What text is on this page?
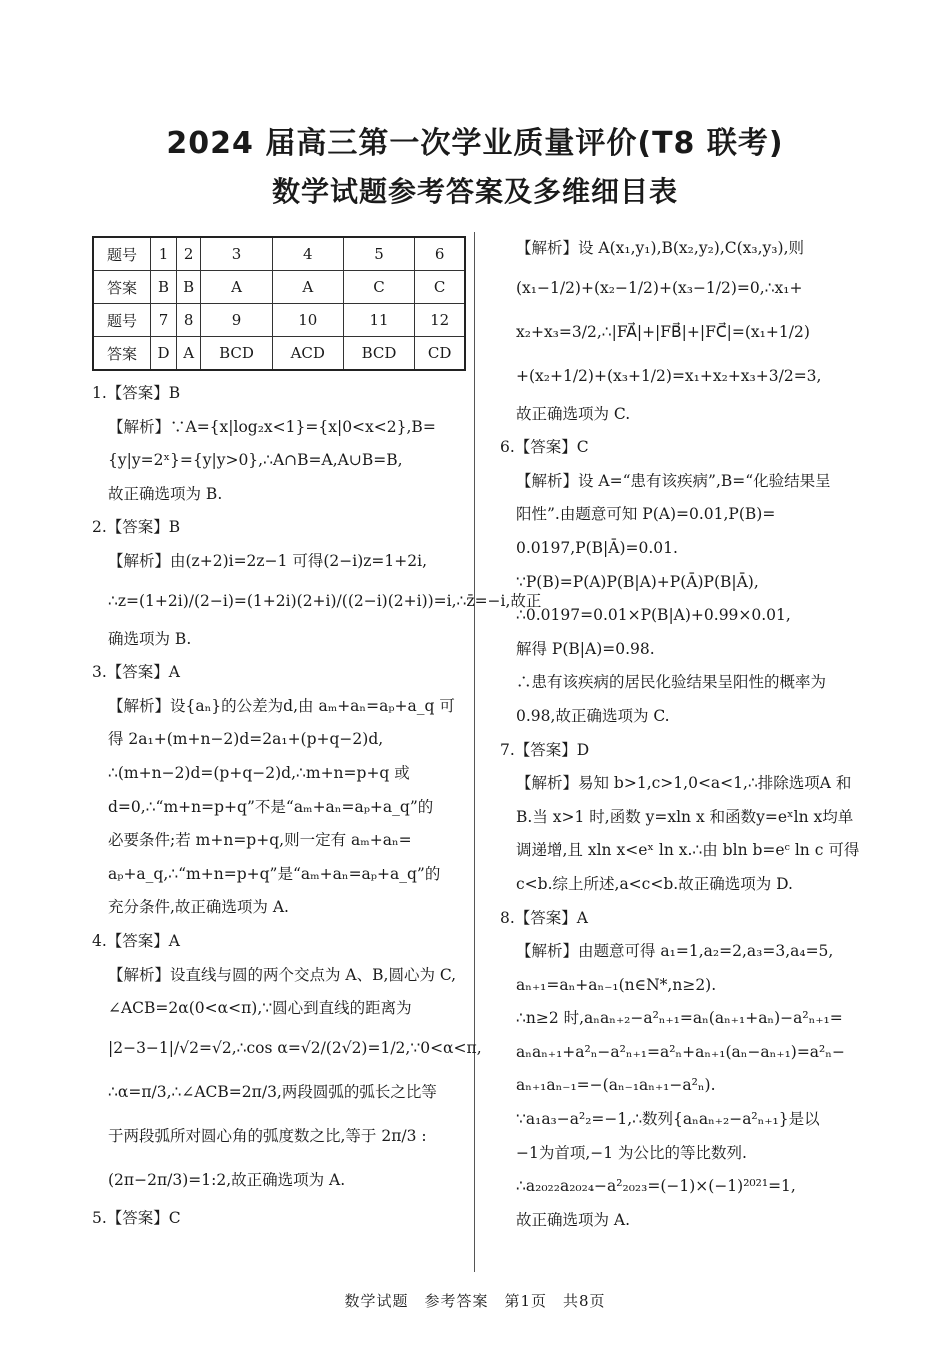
2024 届高三第一次学业质量评价(T8 联考)
数学试题参考答案及多维细目表
题号	1	2	3	4	5	6
答案	B	B	A	A	C	C
题号	7	8	9	10	11	12
答案	D	A	BCD	ACD	BCD	CD
1.【答案】B
【解析】∵A={x|log₂x<1}={x|0<x<2},B=
{y|y=2ˣ}={y|y>0},∴A∩B=A,A∪B=B,
故正确选项为 B.
2.【答案】B
【解析】由(z+2)i=2z−1 可得(2−i)z=1+2i,
∴z=(1+2i)/(2−i)=(1+2i)(2+i)/((2−i)(2+i))=i,∴z̄=−i,故正
确选项为 B.
3.【答案】A
【解析】设{aₙ}的公差为d,由 aₘ+aₙ=aₚ+a_q 可
得 2a₁+(m+n−2)d=2a₁+(p+q−2)d,
∴(m+n−2)d=(p+q−2)d,∴m+n=p+q 或
d=0,∴“m+n=p+q”不是“aₘ+aₙ=aₚ+a_q”的
必要条件;若 m+n=p+q,则一定有 aₘ+aₙ=
aₚ+a_q,∴“m+n=p+q”是“aₘ+aₙ=aₚ+a_q”的
充分条件,故正确选项为 A.
4.【答案】A
【解析】设直线与圆的两个交点为 A、B,圆心为 C,
∠ACB=2α(0<α<π),∵圆心到直线的距离为
|2−3−1|/√2=√2,∴cos α=√2/(2√2)=1/2,∵0<α<π,
∴α=π/3,∴∠ACB=2π/3,两段圆弧的弧长之比等
于两段弧所对圆心角的弧度数之比,等于 2π/3 :
(2π−2π/3)=1:2,故正确选项为 A.
5.【答案】C
【解析】设 A(x₁,y₁),B(x₂,y₂),C(x₃,y₃),则
(x₁−1/2)+(x₂−1/2)+(x₃−1/2)=0,∴x₁+
x₂+x₃=3/2,∴|FA⃗|+|FB⃗|+|FC⃗|=(x₁+1/2)
+(x₂+1/2)+(x₃+1/2)=x₁+x₂+x₃+3/2=3,
故正确选项为 C.
6.【答案】C
【解析】设 A=“患有该疾病”,B=“化验结果呈
阳性”.由题意可知 P(A)=0.01,P(B)=
0.0197,P(B|Ā)=0.01.
∵P(B)=P(A)P(B|A)+P(Ā)P(B|Ā),
∴0.0197=0.01×P(B|A)+0.99×0.01,
解得 P(B|A)=0.98.
∴患有该疾病的居民化验结果呈阳性的概率为
0.98,故正确选项为 C.
7.【答案】D
【解析】易知 b>1,c>1,0<a<1,∴排除选项A 和
B.当 x>1 时,函数 y=xln x 和函数y=eˣln x均单
调递增,且 xln x<eˣ ln x.∴由 bln b=eᶜ ln c 可得
c<b.综上所述,a<c<b.故正确选项为 D.
8.【答案】A
【解析】由题意可得 a₁=1,a₂=2,a₃=3,a₄=5,
aₙ₊₁=aₙ+aₙ₋₁(n∈N*,n≥2).
∴n≥2 时,aₙaₙ₊₂−a²ₙ₊₁=aₙ(aₙ₊₁+aₙ)−a²ₙ₊₁=
aₙaₙ₊₁+a²ₙ−a²ₙ₊₁=a²ₙ+aₙ₊₁(aₙ−aₙ₊₁)=a²ₙ−
aₙ₊₁aₙ₋₁=−(aₙ₋₁aₙ₊₁−a²ₙ).
∵a₁a₃−a²₂=−1,∴数列{aₙaₙ₊₂−a²ₙ₊₁}是以
−1为首项,−1 为公比的等比数列.
∴a₂₀₂₂a₂₀₂₄−a²₂₀₂₃=(−1)×(−1)²⁰²¹=1,
故正确选项为 A.
数学试题　参考答案　第1页　共8页
